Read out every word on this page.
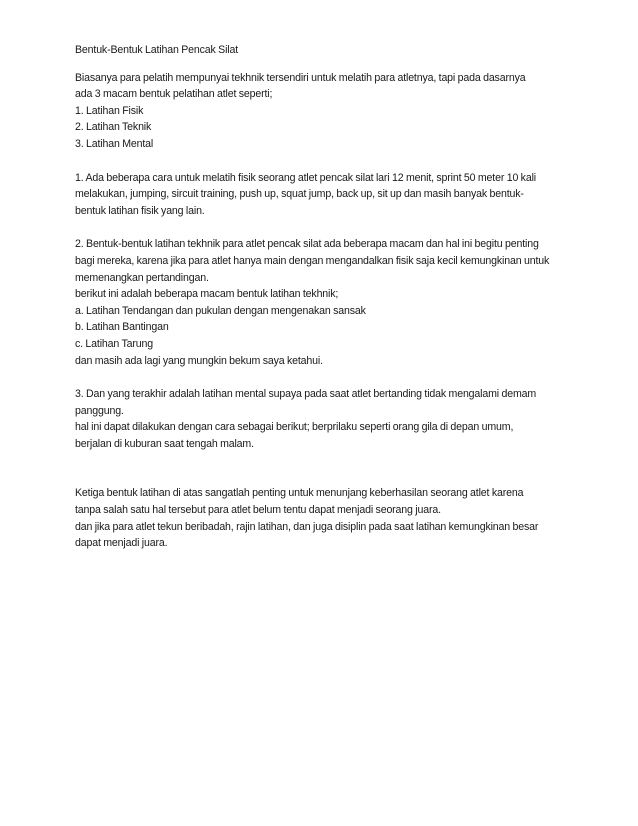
Bentuk-Bentuk Latihan Pencak Silat

Biasanya para pelatih mempunyai tekhnik tersendiri untuk melatih para atletnya, tapi pada dasarnya
ada 3 macam bentuk pelatihan atlet seperti;
1. Latihan Fisik
2. Latihan Teknik
3. Latihan Mental

1. Ada beberapa cara untuk melatih fisik seorang atlet pencak silat lari 12 menit, sprint 50 meter 10 kali
melakukan, jumping, sircuit training, push up, squat jump, back up, sit up dan masih banyak bentuk-
bentuk latihan fisik yang lain.

2. Bentuk-bentuk latihan tekhnik para atlet pencak silat ada beberapa macam dan hal ini begitu penting
bagi mereka, karena jika para atlet hanya main dengan mengandalkan fisik saja kecil kemungkinan untuk
memenangkan pertandingan.
berikut ini adalah beberapa macam bentuk latihan tekhnik;
a. Latihan Tendangan dan pukulan dengan mengenakan sansak
b. Latihan Bantingan
c. Latihan Tarung
dan masih ada lagi yang mungkin bekum saya ketahui.

3. Dan yang terakhir adalah latihan mental supaya pada saat atlet bertanding tidak mengalami demam
panggung.
hal ini dapat dilakukan dengan cara sebagai berikut; berprilaku seperti orang gila di depan umum,
berjalan di kuburan saat tengah malam.

Ketiga bentuk latihan di atas sangatlah penting untuk menunjang keberhasilan seorang atlet karena
tanpa salah satu hal tersebut para atlet belum tentu dapat menjadi seorang juara.
dan jika para atlet tekun beribadah, rajin latihan, dan juga disiplin pada saat latihan kemungkinan besar
dapat menjadi juara.
